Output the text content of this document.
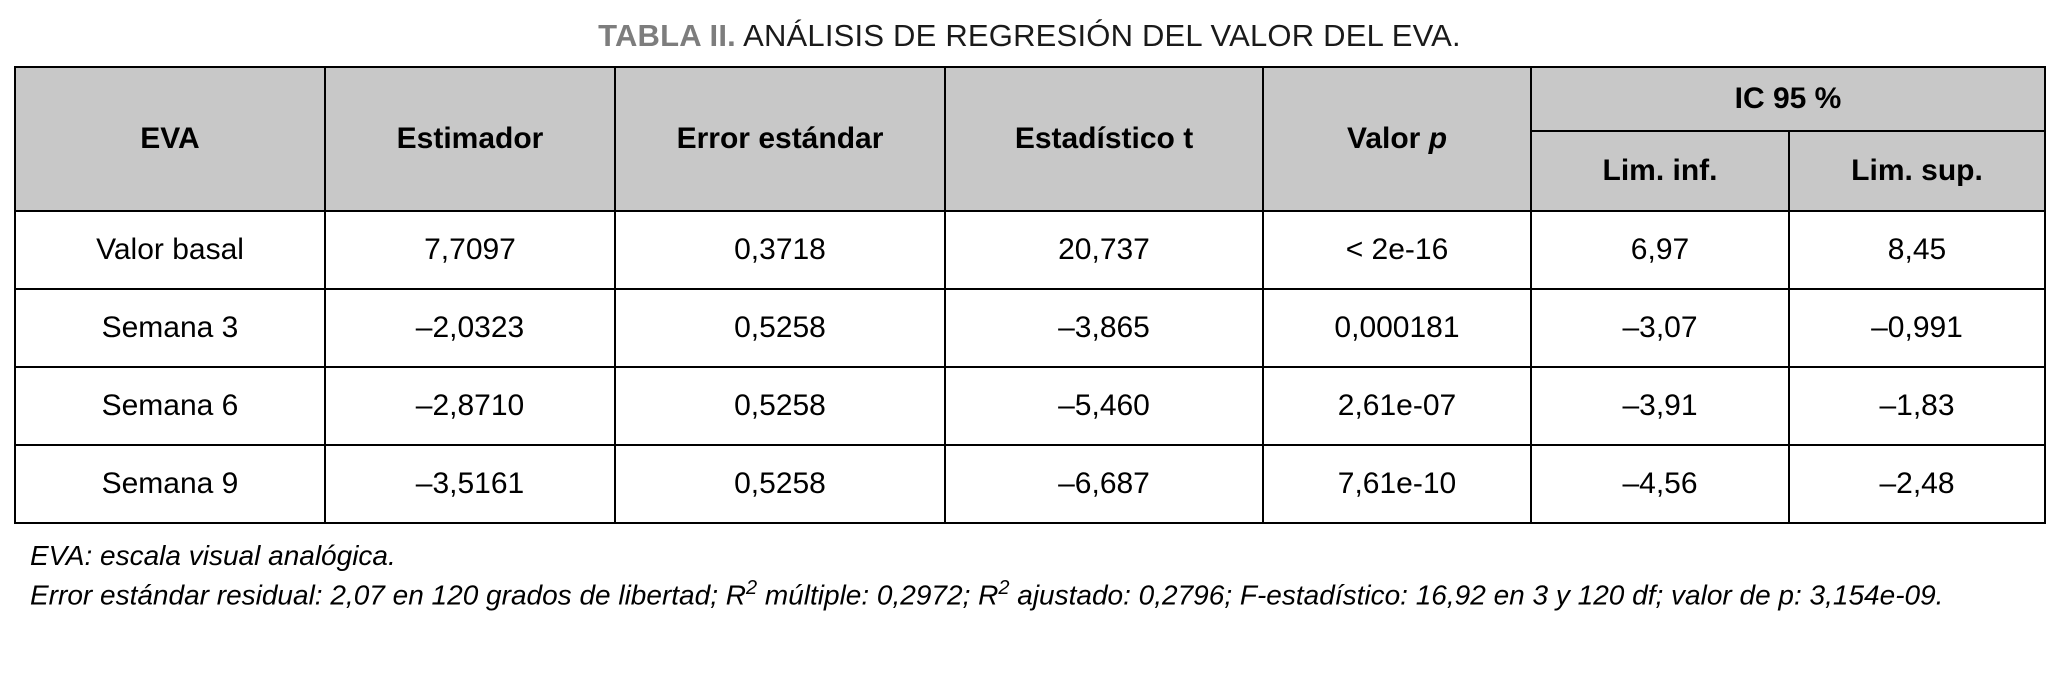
TABLA II. ANÁLISIS DE REGRESIÓN DEL VALOR DEL EVA.
EVA	Estimador	Error estándar	Estadístico t	Valor p	IC 95 %	
					Lim. inf.	Lim. sup.
Valor basal	7,7097	0,3718	20,737	< 2e-16	6,97	8,45
Semana 3	–2,0323	0,5258	–3,865	0,000181	–3,07	–0,991
Semana 6	–2,8710	0,5258	–5,460	2,61e-07	–3,91	–1,83
Semana 9	–3,5161	0,5258	–6,687	7,61e-10	–4,56	–2,48
EVA: escala visual analógica.
Error estándar residual: 2,07 en 120 grados de libertad; $R^2$ múltiple: 0,2972; $R^2$ ajustado: 0,2796; F-estadístico: 16,92 en 3 y 120 df; valor de p: 3,154e-09.
